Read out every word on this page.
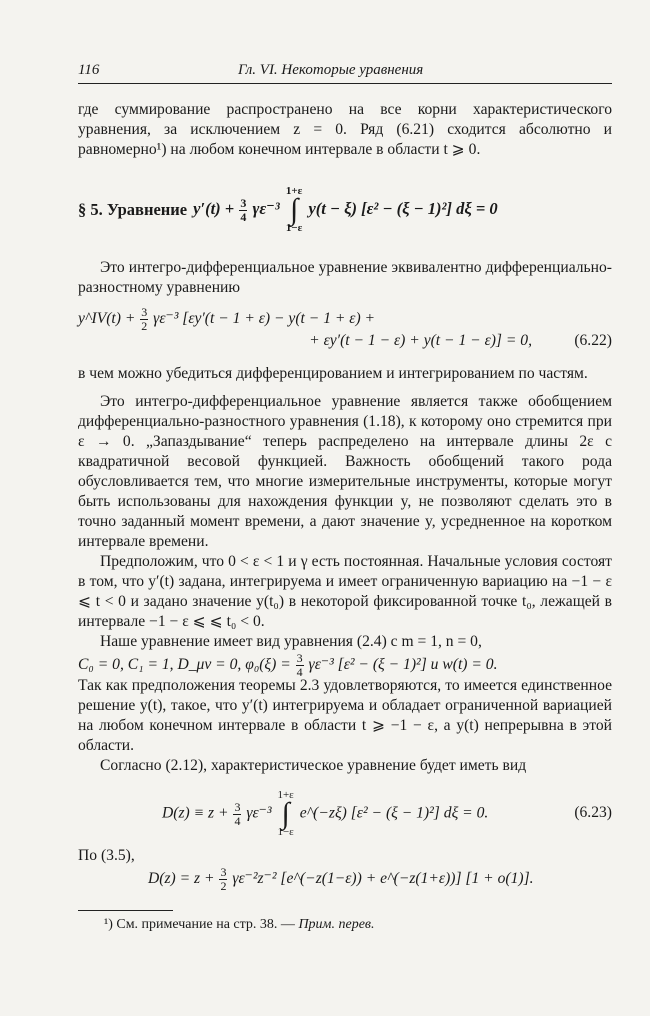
116	Гл. VI. Некоторые уравнения

где суммирование распространено на все корни характеристического уравнения, за исключением z = 0. Ряд (6.21) сходится абсолютно и равномерно¹) на любом конечном интервале в области t ⩾ 0.

§ 5. Уравнение $y'(t) + \frac{3}{4} \gamma\varepsilon^{-3}$
1+ε
∫
1−ε
y(t − ξ) [ε² − (ξ − 1)²] dξ = 0

Это интегро-дифференциальное уравнение эквивалентно дифференциально-разностному уравнению

y^IV(t) + $\frac{3}{2} \gamma\varepsilon^{-3}$ [εy′(t − 1 + ε) − y(t − 1 + ε) +
+ εy′(t − 1 − ε) + y(t − 1 − ε)] = 0,	(6.22)

в чем можно убедиться дифференцированием и интегрированием по частям.

Это интегро-дифференциальное уравнение является также обобщением дифференциально-разностного уравнения (1.18), к которому оно стремится при ε → 0. „Запаздывание“ теперь распределено на интервале длины 2ε с квадратичной весовой функцией. Важность обобщений такого рода обусловливается тем, что многие измерительные инструменты, которые могут быть использованы для нахождения функции y, не позволяют сделать это в точно заданный момент времени, а дают значение y, усредненное на коротком интервале времени.

Предположим, что 0 < ε < 1 и γ есть постоянная. Начальные условия состоят в том, что y′(t) задана, интегрируема и имеет ограниченную вариацию на −1 − ε ⩽ t < 0 и задано значение y(t₀) в некоторой фиксированной точке t₀, лежащей в интервале −1 − ε ⩽ ⩽ t₀ < 0.

Наше уравнение имеет вид уравнения (2.4) с m = 1, n = 0,

C₀ = 0, C₁ = 1, D_μν = 0, $\varphi_0(\xi) = \frac{3}{4} \gamma\varepsilon^{-3}$ [ε² − (ξ − 1)²] и w(t) = 0.

Так как предположения теоремы 2.3 удовлетворяются, то имеется единственное решение y(t), такое, что y′(t) интегрируема и обладает ограниченной вариацией на любом конечном интервале в области t ⩾ −1 − ε, а y(t) непрерывна в этой области.

Согласно (2.12), характеристическое уравнение будет иметь вид

$D(z) \equiv z + \frac{3}{4} \gamma\varepsilon^{-3}$
1+ε
∫
1−ε
e^(−zξ) [ε² − (ξ − 1)²] dξ = 0.	(6.23)

По (3.5),

$D(z) = z + \frac{3}{2} \gamma\varepsilon^{-2}z^{-2}$ [e^(−z(1−ε)) + e^(−z(1+ε))] [1 + o(1)].
¹) См. примечание на стр. 38. — Прим. перев.
